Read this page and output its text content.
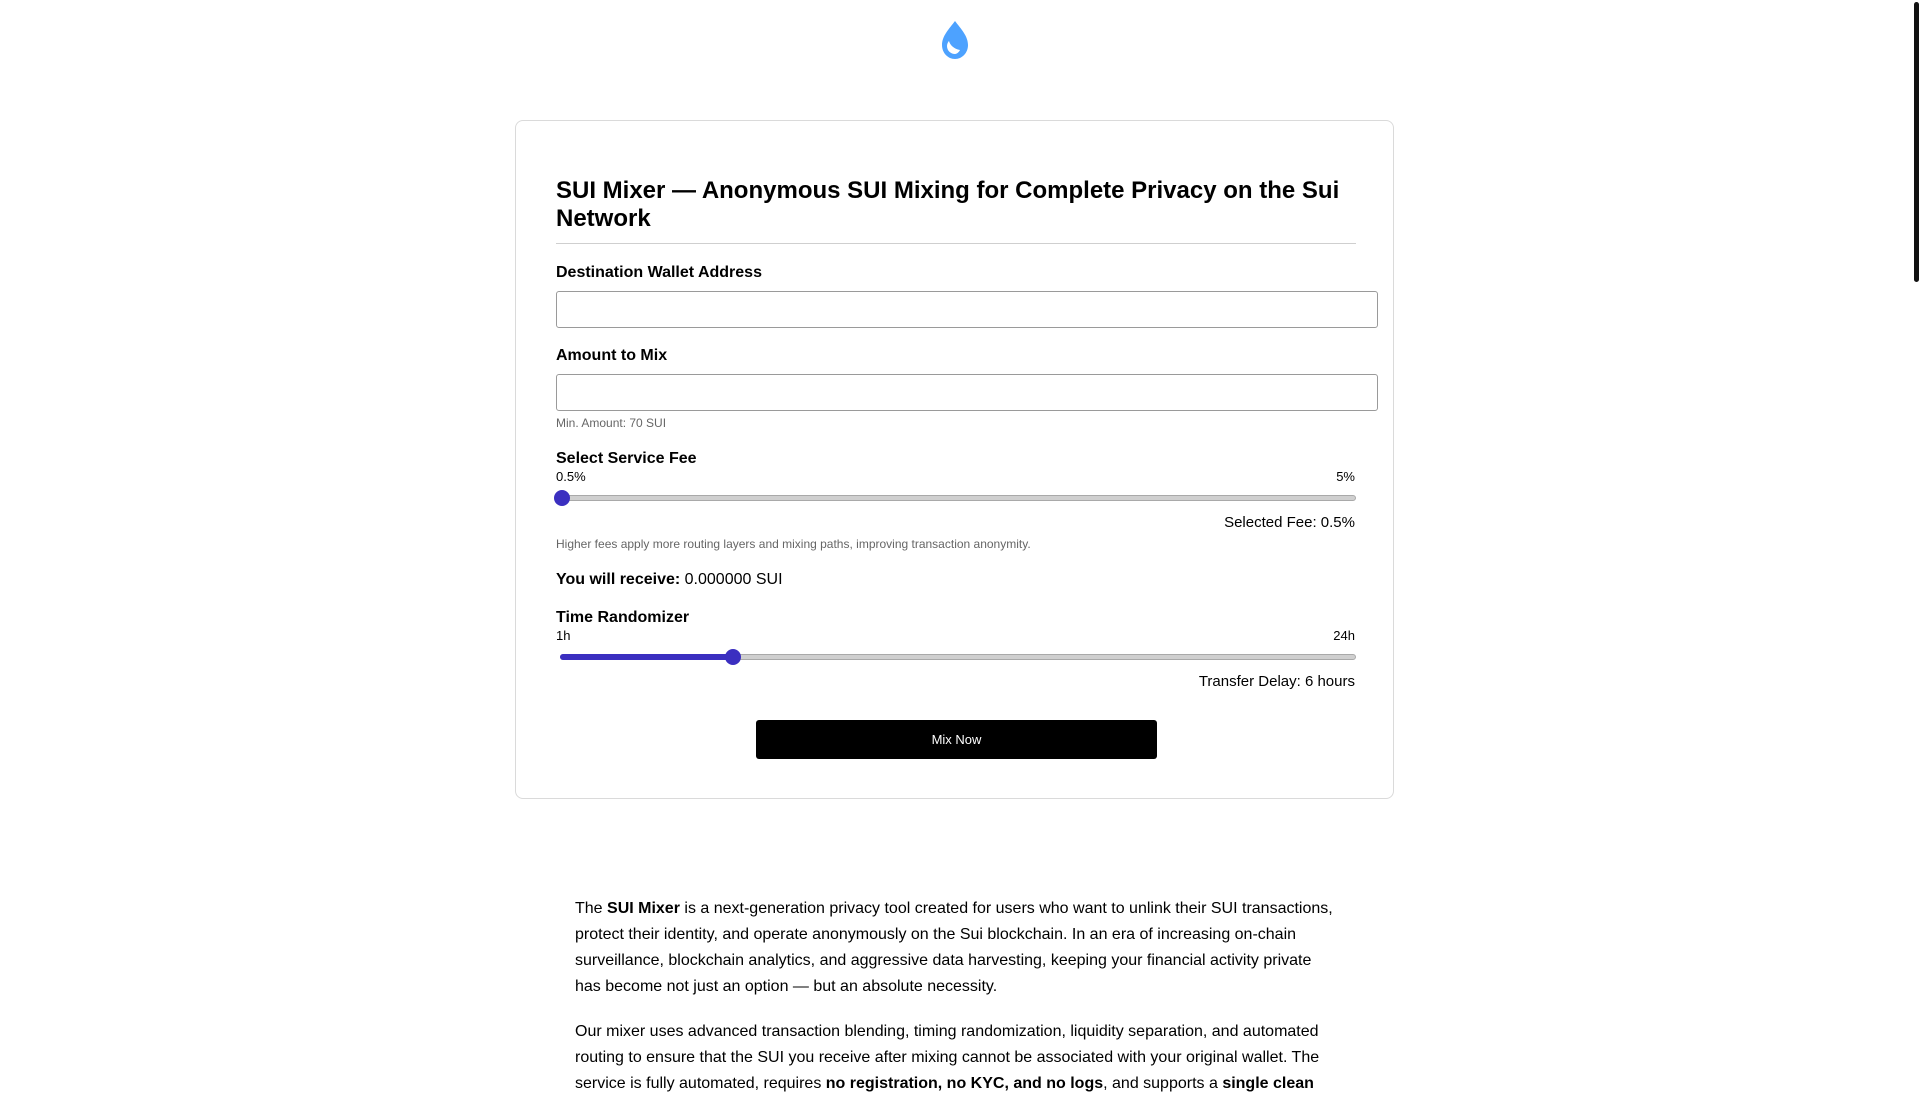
SUI Mixer — Anonymous SUI Mixing for Complete Privacy on the Sui Network
Destination Wallet Address
Amount to Mix
Min. Amount: 70 SUI
Select Service Fee
0.5%	5%
Selected Fee: 0.5%
Higher fees apply more routing layers and mixing paths, improving transaction anonymity.
You will receive: 0.000000 SUI
Time Randomizer
1h	24h
Transfer Delay: 6 hours
Mix Now

The SUI Mixer is a next-generation privacy tool created for users who want to unlink their SUI transactions, protect their identity, and operate anonymously on the Sui blockchain. In an era of increasing on-chain surveillance, blockchain analytics, and aggressive data harvesting, keeping your financial activity private has become not just an option — but an absolute necessity.

Our mixer uses advanced transaction blending, timing randomization, liquidity separation, and automated routing to ensure that the SUI you receive after mixing cannot be associated with your original wallet. The service is fully automated, requires no registration, no KYC, and no logs, and supports a single clean
